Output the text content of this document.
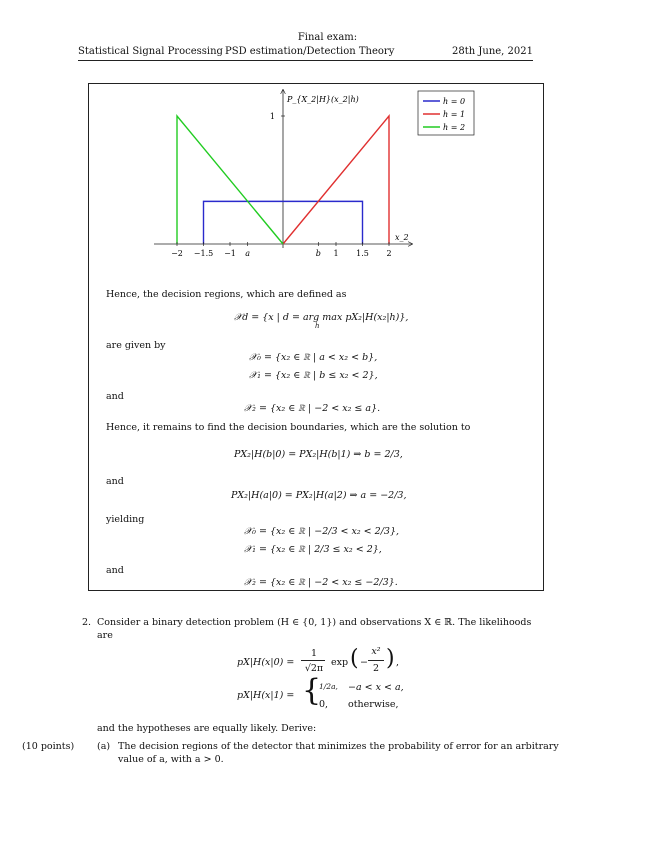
Final exam:
Statistical Signal Processing PSD estimation/Detection Theory	28th June, 2021
P_{X_2|H}(x_2|h)
x_2
−2 −1.5 −1 a	b 1 1.5 2
1
h = 0
h = 1
h = 2
Hence, the decision regions, which are defined as
𝒳d = {x | d = arg max pX₂|H(x₂|h)},
h
are given by
𝒳₀ = {x₂ ∈ ℝ | a < x₂ < b},
𝒳₁ = {x₂ ∈ ℝ | b ≤ x₂ < 2},
and
𝒳₂ = {x₂ ∈ ℝ | −2 < x₂ ≤ a}.
Hence, it remains to find the decision boundaries, which are the solution to
PX₂|H(b|0) = PX₂|H(b|1) ⇒ b = 2/3,
and
PX₂|H(a|0) = PX₂|H(a|2) ⇒ a = −2/3,
yielding
𝒳₀ = {x₂ ∈ ℝ | −2/3 < x₂ < 2/3},
𝒳₁ = {x₂ ∈ ℝ | 2/3 ≤ x₂ < 2},
and
𝒳₂ = {x₂ ∈ ℝ | −2 < x₂ ≤ −2/3}.
2. Consider a binary detection problem (H ∈ {0, 1}) and observations X ∈ ℝ. The likelihoods
are
pX|H(x|0) =
1
√2π
exp ( −
x²
2 ) ,
pX|H(x|1) = {
1/2a, −a < x < a,
0, otherwise,
and the hypotheses are equally likely. Derive:
(10 points) (a) The decision regions of the detector that minimizes the probability of error for an arbitrary
value of a, with a > 0.
